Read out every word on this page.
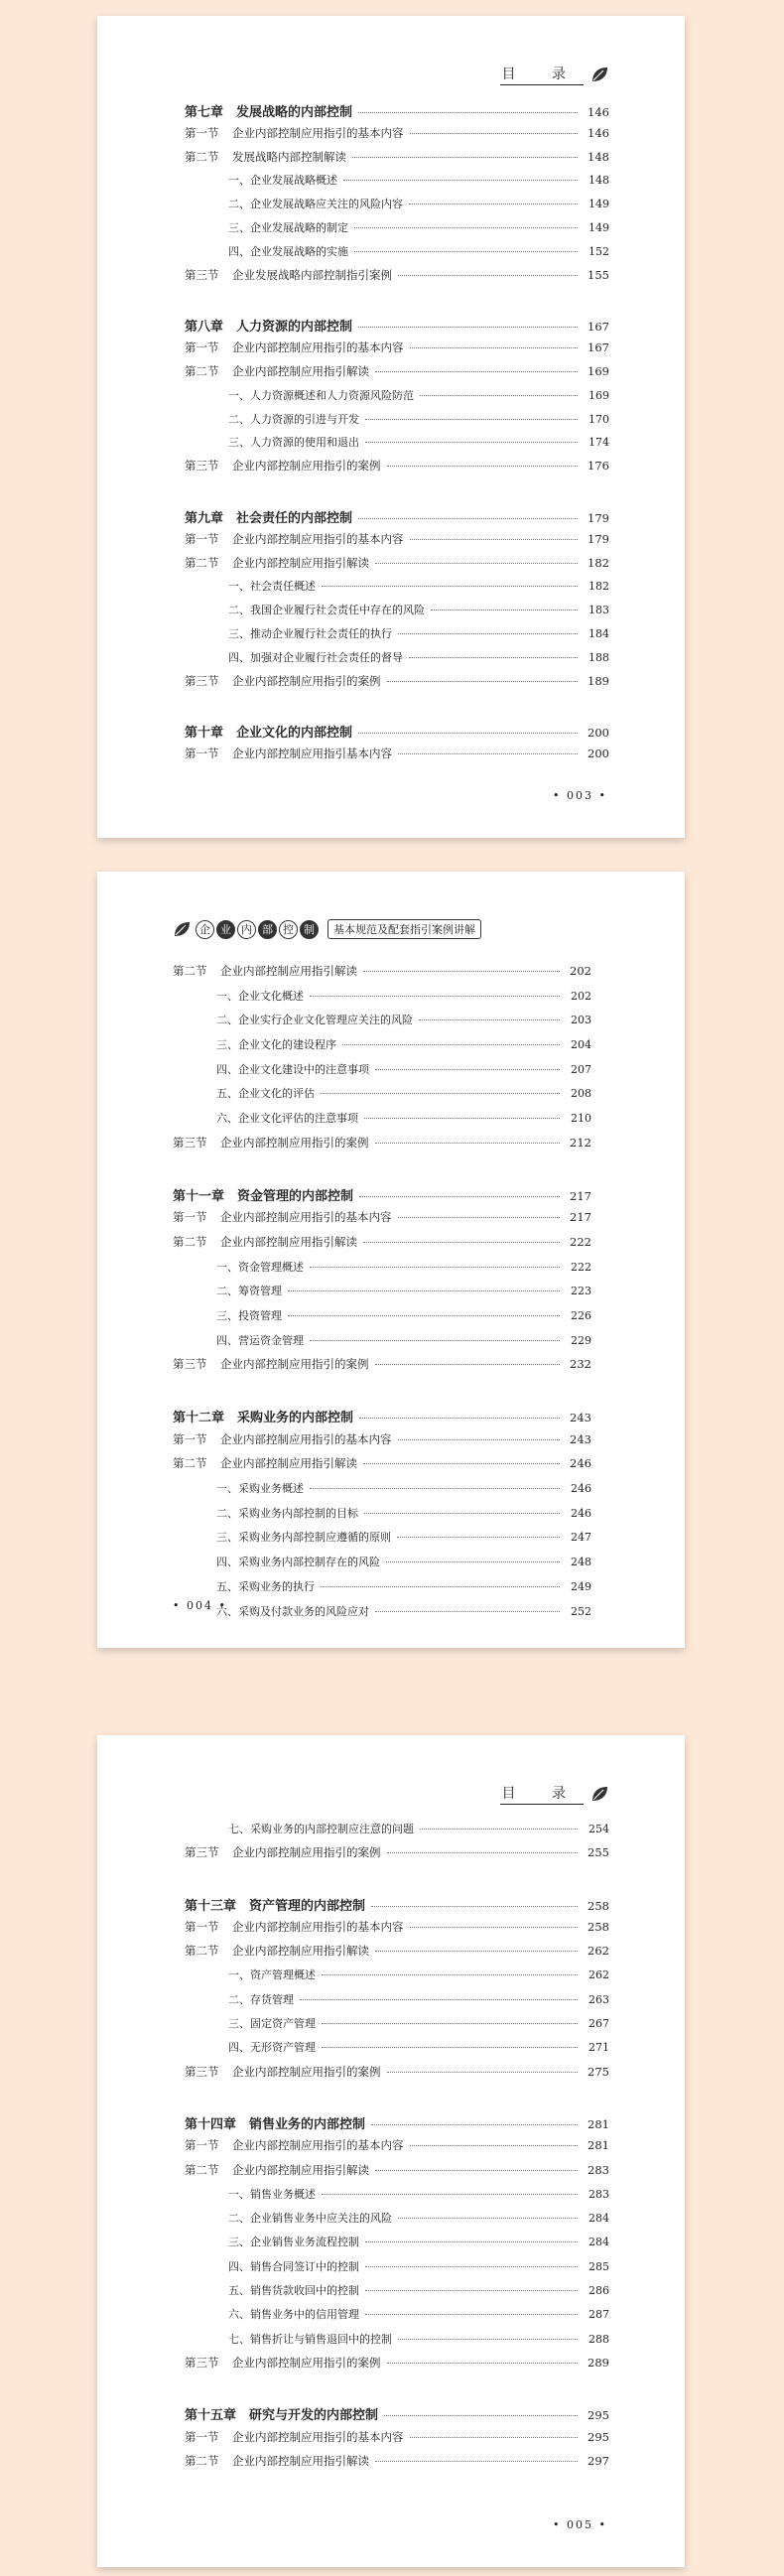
目 录
第七章　发展战略的内部控制	146
第一节	企业内部控制应用指引的基本内容	146
第二节	发展战略内部控制解读	148
一、企业发展战略概述	148
二、企业发展战略应关注的风险内容	149
三、企业发展战略的制定	149
四、企业发展战略的实施	152
第三节	企业发展战略内部控制指引案例	155
第八章　人力资源的内部控制	167
第一节	企业内部控制应用指引的基本内容	167
第二节	企业内部控制应用指引解读	169
一、人力资源概述和人力资源风险防范	169
二、人力资源的引进与开发	170
三、人力资源的使用和退出	174
第三节	企业内部控制应用指引的案例	176
第九章　社会责任的内部控制	179
第一节	企业内部控制应用指引的基本内容	179
第二节	企业内部控制应用指引解读	182
一、社会责任概述	182
二、我国企业履行社会责任中存在的风险	183
三、推动企业履行社会责任的执行	184
四、加强对企业履行社会责任的督导	188
第三节	企业内部控制应用指引的案例	189
第十章　企业文化的内部控制	200
第一节	企业内部控制应用指引基本内容	200
• 003 •
企 业 内 部 控 制	基本规范及配套指引案例讲解
第二节	企业内部控制应用指引解读	202
一、企业文化概述	202
二、企业实行企业文化管理应关注的风险	203
三、企业文化的建设程序	204
四、企业文化建设中的注意事项	207
五、企业文化的评估	208
六、企业文化评估的注意事项	210
第三节	企业内部控制应用指引的案例	212
第十一章　资金管理的内部控制	217
第一节	企业内部控制应用指引的基本内容	217
第二节	企业内部控制应用指引解读	222
一、资金管理概述	222
二、筹资管理	223
三、投资管理	226
四、营运资金管理	229
第三节	企业内部控制应用指引的案例	232
第十二章　采购业务的内部控制	243
第一节	企业内部控制应用指引的基本内容	243
第二节	企业内部控制应用指引解读	246
一、采购业务概述	246
二、采购业务内部控制的目标	246
三、采购业务内部控制应遵循的原则	247
四、采购业务内部控制存在的风险	248
五、采购业务的执行	249
六、采购及付款业务的风险应对	252
• 004 •
目 录
七、采购业务的内部控制应注意的问题	254
第三节	企业内部控制应用指引的案例	255
第十三章　资产管理的内部控制	258
第一节	企业内部控制应用指引的基本内容	258
第二节	企业内部控制应用指引解读	262
一、资产管理概述	262
二、存货管理	263
三、固定资产管理	267
四、无形资产管理	271
第三节	企业内部控制应用指引的案例	275
第十四章　销售业务的内部控制	281
第一节	企业内部控制应用指引的基本内容	281
第二节	企业内部控制应用指引解读	283
一、销售业务概述	283
二、企业销售业务中应关注的风险	284
三、企业销售业务流程控制	284
四、销售合同签订中的控制	285
五、销售货款收回中的控制	286
六、销售业务中的信用管理	287
七、销售折让与销售退回中的控制	288
第三节	企业内部控制应用指引的案例	289
第十五章　研究与开发的内部控制	295
第一节	企业内部控制应用指引的基本内容	295
第二节	企业内部控制应用指引解读	297
• 005 •
